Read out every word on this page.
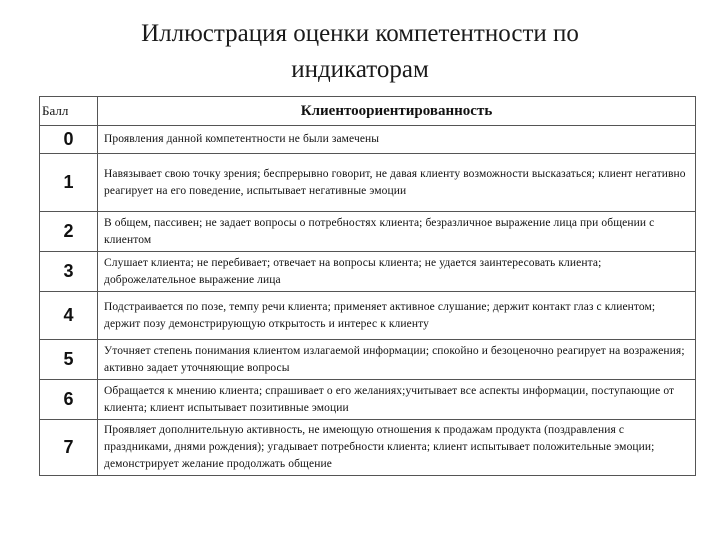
Иллюстрация оценки компетентности по
индикаторам
Балл	Клиентоориентированность
0	Проявления данной компетентности не были замечены
1	Навязывает свою точку зрения; беспрерывно говорит, не давая клиенту возможности высказаться; клиент негативно реагирует на его поведение, испытывает негативные эмоции
2	В общем, пассивен; не задает вопросы о потребностях клиента; безразличное выражение лица при общении с клиентом
3	Слушает клиента; не перебивает; отвечает на вопросы клиента; не удается заинтересовать клиента; доброжелательное выражение лица
4	Подстраивается по позе, темпу речи клиента; применяет активное слушание; держит контакт глаз с клиентом; держит позу демонстрирующую открытость и интерес к клиенту
5	Уточняет степень понимания клиентом излагаемой информации; спокойно и безоценочно реагирует на возражения; активно задает уточняющие вопросы
6	Обращается к мнению клиента; спрашивает о его желаниях;учитывает все аспекты информации, поступающие от клиента; клиент испытывает позитивные эмоции
7	Проявляет дополнительную активность, не имеющую отношения к продажам продукта (поздравления с праздниками, днями рождения); угадывает потребности клиента; клиент испытывает положительные эмоции; демонстрирует желание продолжать общение
